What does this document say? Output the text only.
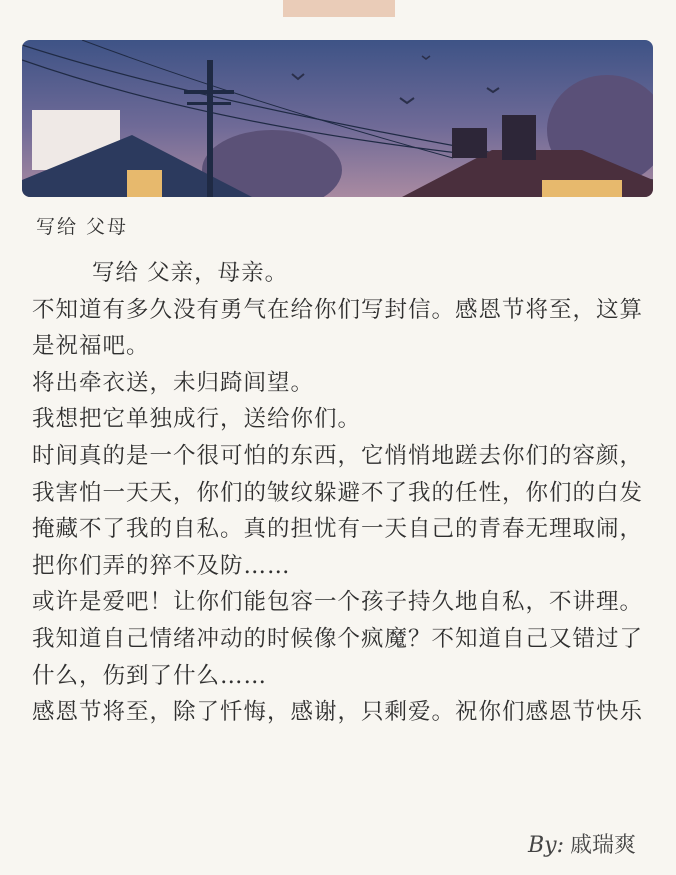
写给 父母

写给 父亲，母亲。

不知道有多久没有勇气在给你们写封信。感恩节将至，这算是祝福吧。

将出牵衣送，未归踦闾望。

我想把它单独成行，送给你们。

时间真的是一个很可怕的东西，它悄悄地蹉去你们的容颜，我害怕一天天，你们的皱纹躲避不了我的任性，你们的白发掩藏不了我的自私。真的担忧有一天自己的青春无理取闹，把你们弄的猝不及防……

或许是爱吧！让你们能包容一个孩子持久地自私，不讲理。我知道自己情绪冲动的时候像个疯魔？不知道自己又错过了什么，伤到了什么……

感恩节将至，除了忏悔，感谢，只剩爱。祝你们感恩节快乐

By: 戚瑞爽
